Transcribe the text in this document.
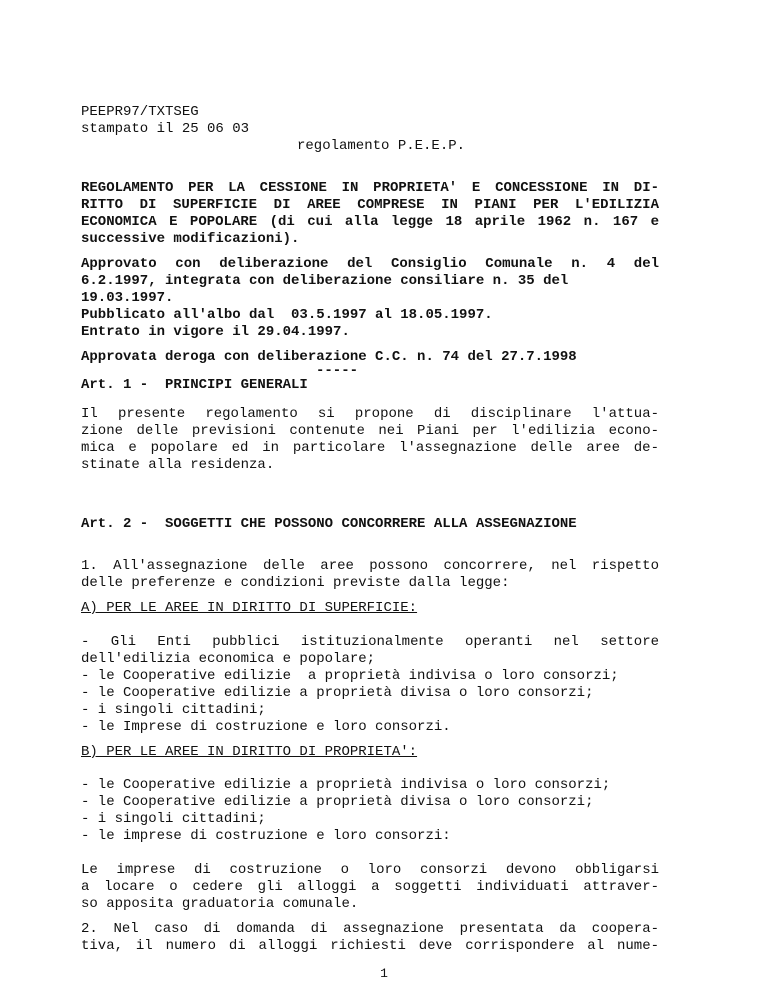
PEEPR97/TXTSEG
stampato il 25 06 03
regolamento P.E.E.P.
REGOLAMENTO PER LA CESSIONE IN PROPRIETA' E CONCESSIONE IN DI-
RITTO DI SUPERFICIE DI AREE COMPRESE IN PIANI PER L'EDILIZIA
ECONOMICA E POPOLARE (di cui alla legge 18 aprile 1962 n. 167 e
successive modificazioni).
Approvato con deliberazione del Consiglio Comunale n. 4 del
6.2.1997, integrata con deliberazione consiliare n. 35 del
19.03.1997.
Pubblicato all'albo dal  03.5.1997 al 18.05.1997.
Entrato in vigore il 29.04.1997.
Approvata deroga con deliberazione C.C. n. 74 del 27.7.1998
-----
Art. 1 -  PRINCIPI GENERALI
Il presente regolamento si propone di disciplinare l'attua-
zione delle previsioni contenute nei Piani per l'edilizia econo-
mica e popolare ed in particolare l'assegnazione delle aree de-
stinate alla residenza.
Art. 2 -  SOGGETTI CHE POSSONO CONCORRERE ALLA ASSEGNAZIONE
1. All'assegnazione delle aree possono concorrere, nel rispetto
delle preferenze e condizioni previste dalla legge:
A) PER LE AREE IN DIRITTO DI SUPERFICIE:
- Gli Enti pubblici istituzionalmente operanti nel settore
dell'edilizia economica e popolare;
- le Cooperative edilizie  a proprietà indivisa o loro consorzi;
- le Cooperative edilizie a proprietà divisa o loro consorzi;
- i singoli cittadini;
- le Imprese di costruzione e loro consorzi.
B) PER LE AREE IN DIRITTO DI PROPRIETA':
- le Cooperative edilizie a proprietà indivisa o loro consorzi;
- le Cooperative edilizie a proprietà divisa o loro consorzi;
- i singoli cittadini;
- le imprese di costruzione e loro consorzi:
Le imprese di costruzione o loro consorzi devono obbligarsi
a locare o cedere gli alloggi a soggetti individuati attraver-
so apposita graduatoria comunale.
2. Nel caso di domanda di assegnazione presentata da coopera-
tiva, il numero di alloggi richiesti deve corrispondere al nume-
1
